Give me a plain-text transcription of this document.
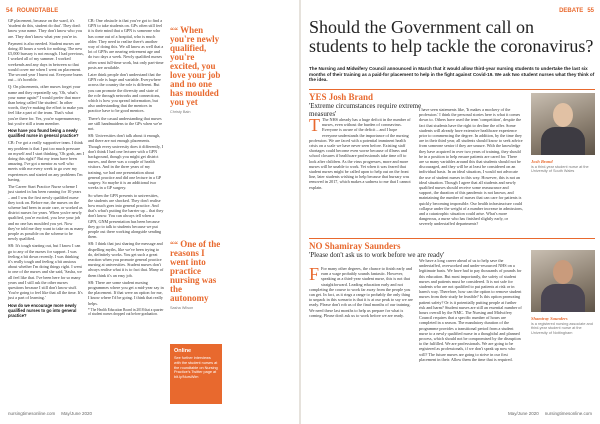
54 ROUNDTABLE

GP placement, because on the ward, it's 'student do this, student do that'. They don't know your name. They don't know who you are. They don't know what year you're in.

Payment is also needed. Student nurses are doing 40 hours a week for nothing. The new £5,000 bursary is not enough. I had previous, I worked all of my summer. I worked weekends and any days in between so that would cover me when I went on placement. The second year I burnt out. Everyone burns out – it's horrible.

Q: On placements, other nurses forget your name and they repeatedly say, 'Oh, what's your name again?' I would prefer that more than being called 'the student'. In other words, they're making the effort to make you feel like a part of the team. That's what you're there for. Yes, you're supernumerary, but you're still a team member.

How have you found being a newly qualified nurse in general practice?

CB: I've got a really supportive team. I think my problem is that I put too much pressure on myself and I start thinking, 'Oh gosh, am I doing this right?' But my team have been amazing. I've got a mentor as well who meets with me every week to go over my experiences and started on any problems I'm having.

The Career Start Practice Nurse scheme I just started in has been running for 10 years – and I was the first newly qualified nurse they took on. Before me, the nurses on the scheme had been in acute care, or worked as district nurses for years. When you're newly qualified, you're excited, you love your job and no one has moulded you yet. Now they've told me they want to take on as many people as possible on the scheme to be newly qualified.

SB: It's tough starting out, but I know I can go to any of the nurses for support. I was feeling a bit down recently. I was thinking it's really tough and feeling a bit anxious about whether I'm doing things right. I went to one of the nurses and she said, 'Sasha, we all feel like that. I've been here for so many years and I still ask the other nurses questions because I still don't know stuff. You're going to feel like that all the time. It's just a part of learning.'

How do we encourage more newly qualified nurses to go into general practice?

CB: One obstacle is that you've got to find a GPN to take students on. GPs often still feel it is their mind that a GPN is someone who has come out of a hospital, who is much older. They need to realise there's another way of doing this. We all know as well that a lot of GPNs are nearing retirement age and do two days a week. Newly qualified nurses often want full-time work, but only part-time posts are available.

Later think people don't understand that the GPN role is huge and variable. Everywhere across the country the role is different. But you can promote the diversity and state of the role through networks and connections, which is how you spread information, but also understanding that the mentors in practice have to be good mentors.

There's the casual understanding that nurses are still handmaidens to the GPs when we're not.

SB: Universities don't talk about it enough, and there are not enough placements. Though every university does it differently, I don't think I had one lecturer with a GPN background, though you might get district nurses, and there was a couple of health visitors. And in the three years of my training, we had one presentation about general practice and did one lecture in a GP surgery. So maybe it is an additional two weeks in a GP surgery.

So when the GPN presents to universities, the students are shocked. They don't realise how much goes into general practice. And that's what's putting the barrier up – that they don't know. You can always tell when a GPN, GNM presentation has been because they go to talk to students because we put people out there working alongside sending them.

SB: I think that just sharing the message and dispelling myths, like we've been trying to do, definitely works. You get such a great reaction when you promote general practice nursing at universities. Student nurses don't always realise what it is to fact that. Many of them think it's an easy job.

SB: There are some student nursing programmes where you get a mid-year say in the placement. If that were an option for me, I know where I'd be going. I think that really helps.

* The Health Education Board in 2018 that a quarter of student nurses dropped out before graduation.

““ When you're newly qualified, you're excited, you love your job and no one has moulded you yet
Christy Bain
““ One of the reasons I went into practice nursing was the autonomy
Sasha Wilson
Online
See further interviews with the student nurses at the roundtable on Nursing Practice's Twitter page at bit.ly/NursWim
nursingtimesonline.com May/June 2020
DEBATE 55
Should the Government call on students to help tackle the coronavirus?
The Nursing and Midwifery Council announced in March that it would allow third-year nursing students to undertake the last six months of their training as a paid-for placement to help in the fight against Covid-19. We ask two student nurses what they think of the idea.
YES Josh Brand
'Extreme circumstances require extreme measures'

T The NHS already has a huge deficit in the number of nurses, even without the burden of coronavirus. Everyone is aware of the deficit – and I hope everyone understands the importance of the nursing profession. We are faced with a potential imminent health crisis on a scale we have never seen before. Existing staff shortages could become even worse because of illness and school closures if healthcare professionals take time off to look after children. As the virus progresses, more and more nurses will be unable to work. Yet when it was feared that student nurses might be called upon to help out on the front line, later students wishing to help because that bursary was removed in 2017, which makes a sadness to me that I cannot explain.

I have seen statements like, 'It makes a mockery of the profession.' I think the personal stories here is what it comes down to. Others have used the term 'competition', despite the fact that students have the right to decline the offer. Some students will already have extensive healthcare experience prior to commencing the degree. In addition, by the time they are in their third year, all students should know to seek advice from someone senior if they are unsure. With the knowledge they have acquired in over two years of training, they should be in a position to help ensure patients are cared for. There are so many variables around this that students should not be discouraged, and they will be at least be considered on an individual basis. In an ideal situation, I would not advocate the use of student nurses in this way. However, this is not an ideal situation. Though I agree that all students and newly qualified nurses should receive some reassurance and support, the duration of this pandemic is not known, and maintaining the number of nurses that can care for patients is quickly becoming impossible. Our health infrastructure could collapse under the weight of a number increase in admissions, and a catastrophic situation could arise. What's more dangerous, a nurse who has finished slightly early, or severely understaffed departments?

Josh Brand
is a third-year student nurse at the University of South Wales
NO Shamiray Saunders
'Please don't ask us to work before we are ready'

F For many other degrees, the chance to finish early and earn a wage probably sounds fantastic. However, speaking as a third-year student nurse, this is not that straightforward. Leading education early and not completing the course to work far away from the people you can get. In fact, as it rings a range to probably the only thing to unpack in this scenario is that it is at our peak to say we are ready. Please don't rob us of the final months of our training. We need these last months to help us prepare for what is coming. Please don't ask us to work before we are ready.

We have a long career ahead of us to help save the understaffed, overworked and under-resourced NHS on a legitimate basis. We have had to pay thousands of pounds for this education. But most importantly, the safety of student nurses and patients must be considered. It is not safe for students who are not qualified to put patients at risk or in harm's way. Therefore, how can the option to remove student nurses from their study be feasible? Is this option promoting patient safety? Or is it potentially putting people at further risk and harm? Student nurses are still an essential number of hours overall by the NMC. The Nursing and Midwifery Council requires that a specific number of hours are completed in a season. The mandatory duration of the programme provides a transitional period from a student nurse to a newly qualified nurse in a thoughtful and planned process, which should not be compromised by the disruption to the fulfilled. We are professionals. We are going to be registered as professionals, if we don't speak up now who will? The future nurses are going to strive in our first placement in their. Allow them the time that is required.

Shamiray Saunders
is a registered nursing associate and third-year student nurse at the University of Nottingham
May/June 2020 nursingtimesonline.com
